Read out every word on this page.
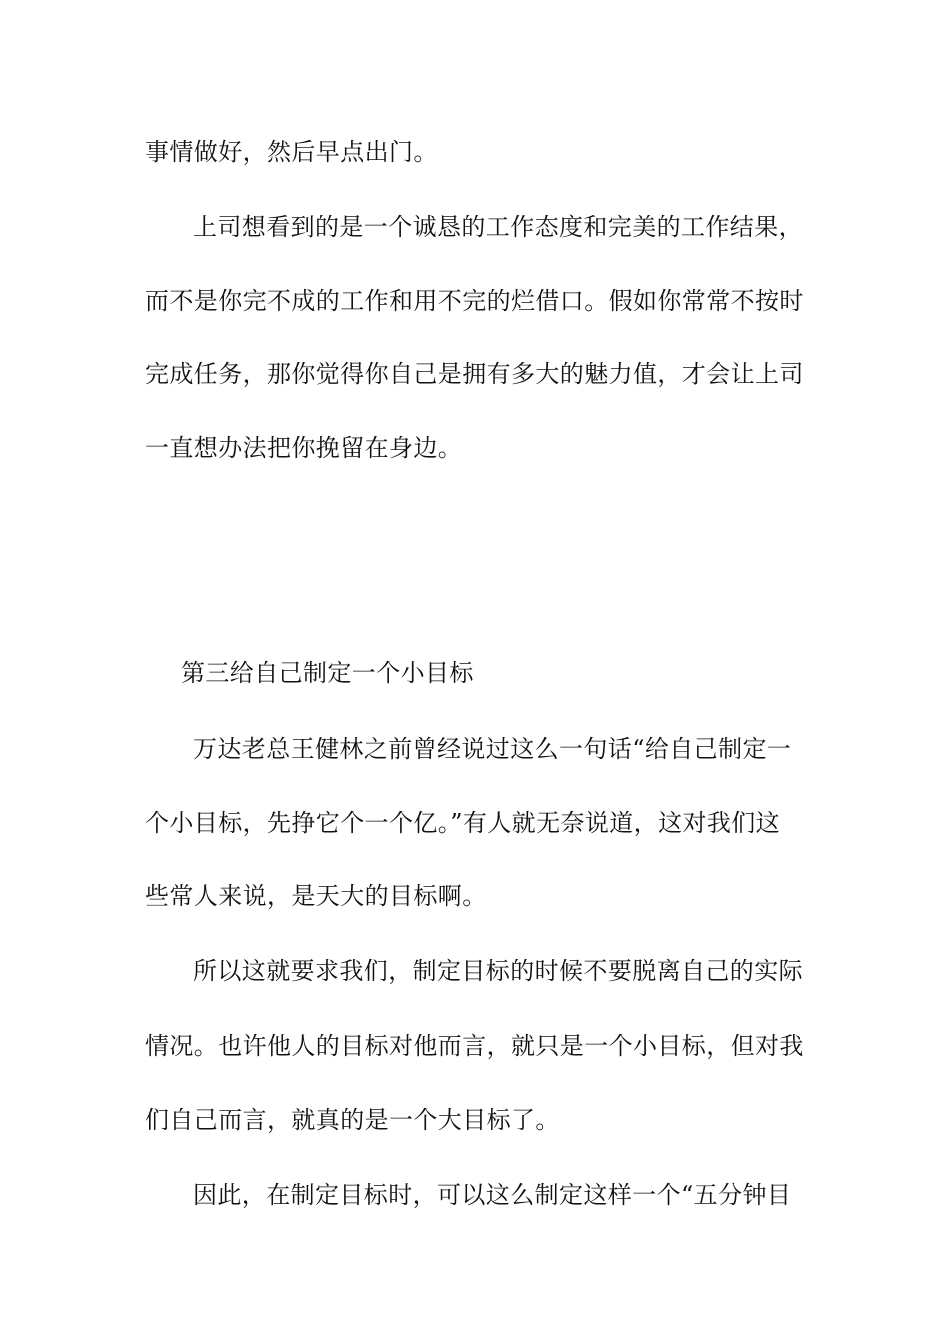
事情做好，然后早点出门。
上司想看到的是一个诚恳的工作态度和完美的工作结果，
而不是你完不成的工作和用不完的烂借口。假如你常常不按时
完成任务，那你觉得你自己是拥有多大的魅力值，才会让上司
一直想办法把你挽留在身边。
第三给自己制定一个小目标
万达老总王健林之前曾经说过这么一句话“给自己制定一
个小目标，先挣它个一个亿。”有人就无奈说道，这对我们这
些常人来说，是天大的目标啊。
所以这就要求我们，制定目标的时候不要脱离自己的实际
情况。也许他人的目标对他而言，就只是一个小目标，但对我
们自己而言，就真的是一个大目标了。
因此，在制定目标时，可以这么制定这样一个“五分钟目
